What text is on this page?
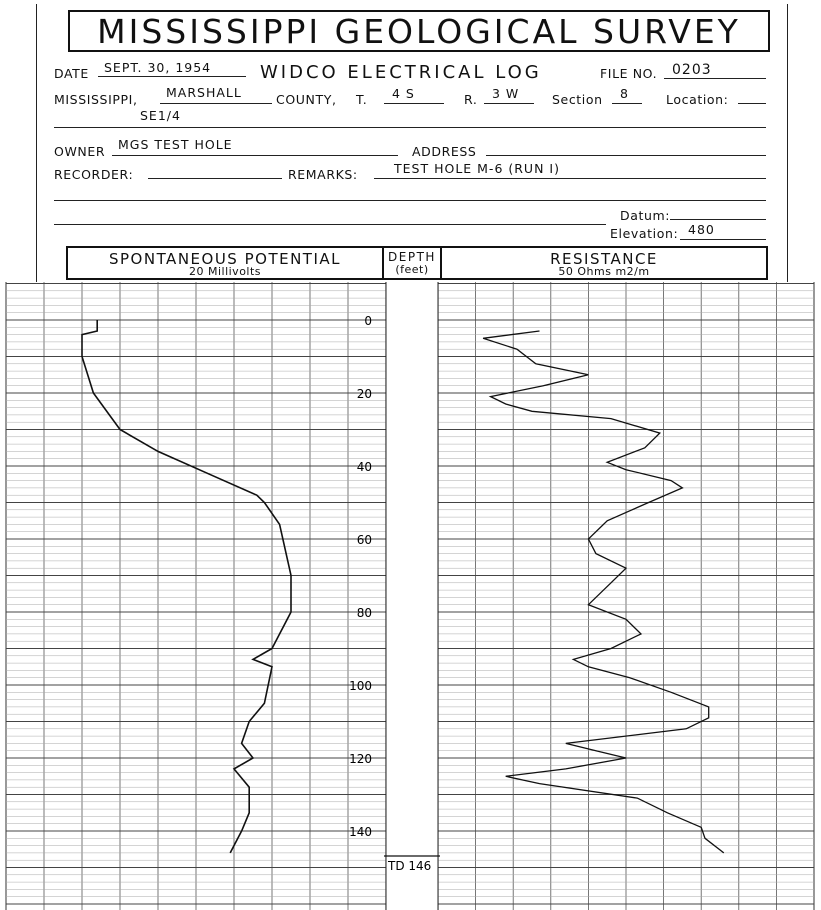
MISSISSIPPI GEOLOGICAL SURVEY
DATE SEPT. 30, 1954	WIDCO ELECTRICAL LOG	FILE NO. 0203
MISSISSIPPI, MARSHALL	COUNTY, T. 4 S	R. 3 W	Section 8	Location:
SE1/4
OWNER MGS TEST HOLE	ADDRESS
RECORDER:	REMARKS:	TEST HOLE M-6 (RUN I)
Datum:
Elevation: 480
SPONTANEOUS POTENTIAL
20 Millivolts
DEPTH
(feet)
RESISTANCE
50 Ohms m2/m
0
20
40
60
80
100
120
140
TD 146
